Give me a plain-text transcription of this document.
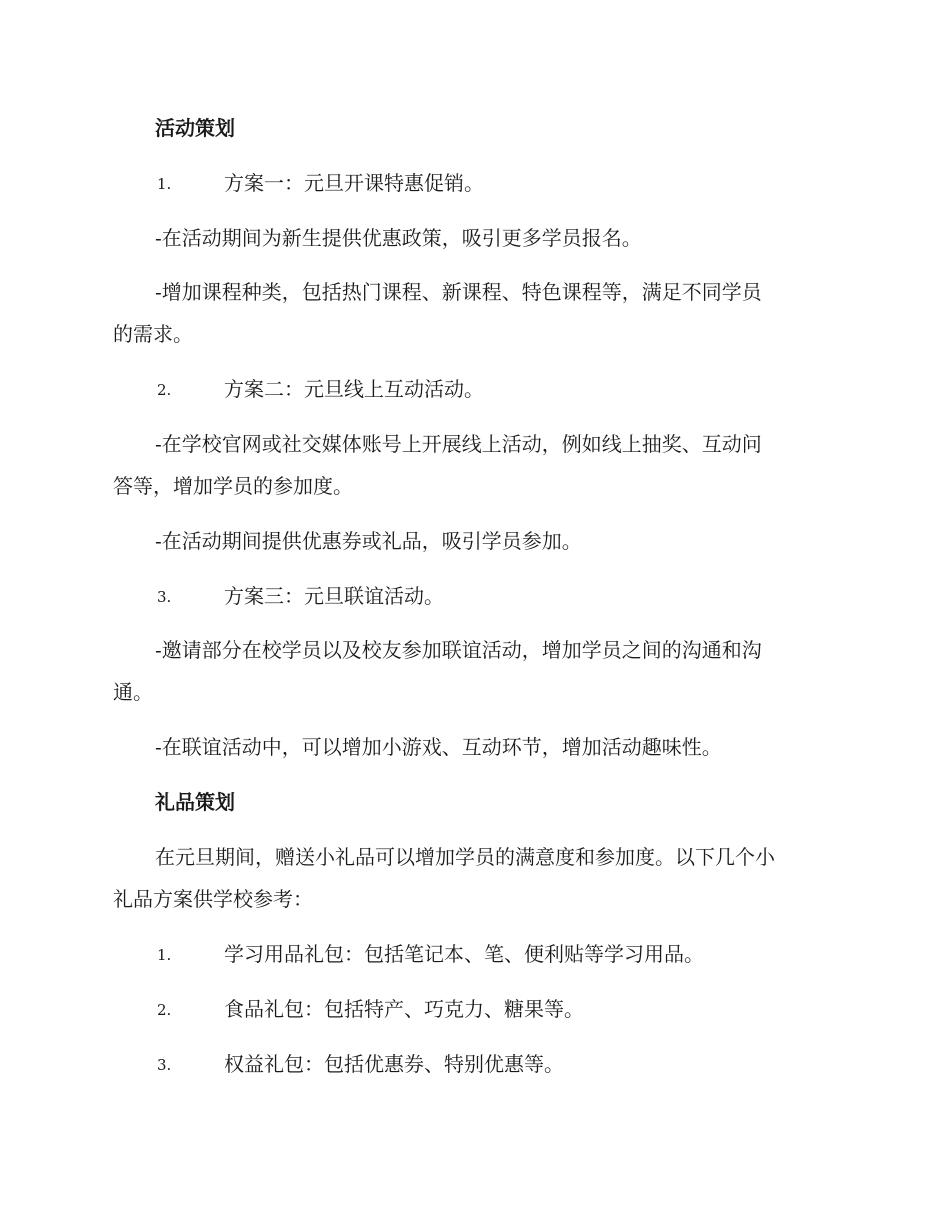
活动策划
1.	方案一：元旦开课特惠促销。
-在活动期间为新生提供优惠政策，吸引更多学员报名。
-增加课程种类，包括热门课程、新课程、特色课程等，满足不同学员
的需求。
2.	方案二：元旦线上互动活动。
-在学校官网或社交媒体账号上开展线上活动，例如线上抽奖、互动问
答等，增加学员的参加度。
-在活动期间提供优惠券或礼品，吸引学员参加。
3.	方案三：元旦联谊活动。
-邀请部分在校学员以及校友参加联谊活动，增加学员之间的沟通和沟
通。
-在联谊活动中，可以增加小游戏、互动环节，增加活动趣味性。
礼品策划
在元旦期间，赠送小礼品可以增加学员的满意度和参加度。以下几个小
礼品方案供学校参考：
1.	学习用品礼包：包括笔记本、笔、便利贴等学习用品。
2.	食品礼包：包括特产、巧克力、糖果等。
3.	权益礼包：包括优惠券、特别优惠等。
